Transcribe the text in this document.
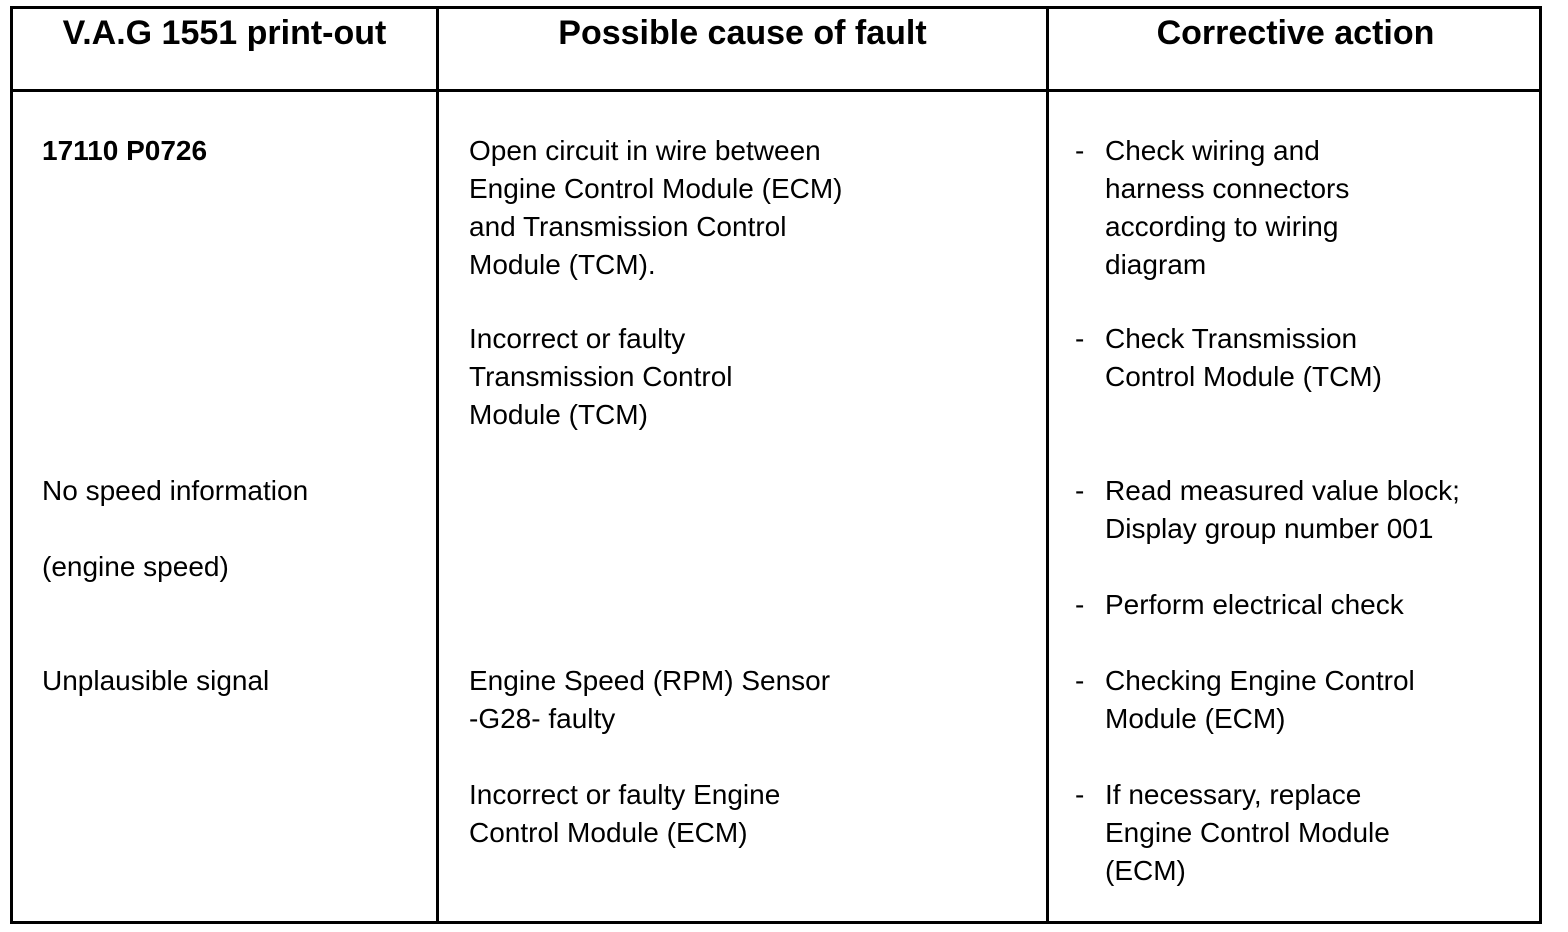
V.A.G 1551 print-out	Possible cause of fault	Corrective action
17110 P0726
No speed information
(engine speed)
Unplausible signal
Open circuit in wire between
Engine Control Module (ECM)
and Transmission Control
Module (TCM).
Incorrect or faulty
Transmission Control
Module (TCM)
Engine Speed (RPM) Sensor
-G28- faulty
Incorrect or faulty Engine
Control Module (ECM)
- Check wiring and
harness connectors
according to wiring
diagram
- Check Transmission
Control Module (TCM)
- Read measured value block;
Display group number 001
- Perform electrical check
- Checking Engine Control
Module (ECM)
- If necessary, replace
Engine Control Module
(ECM)
